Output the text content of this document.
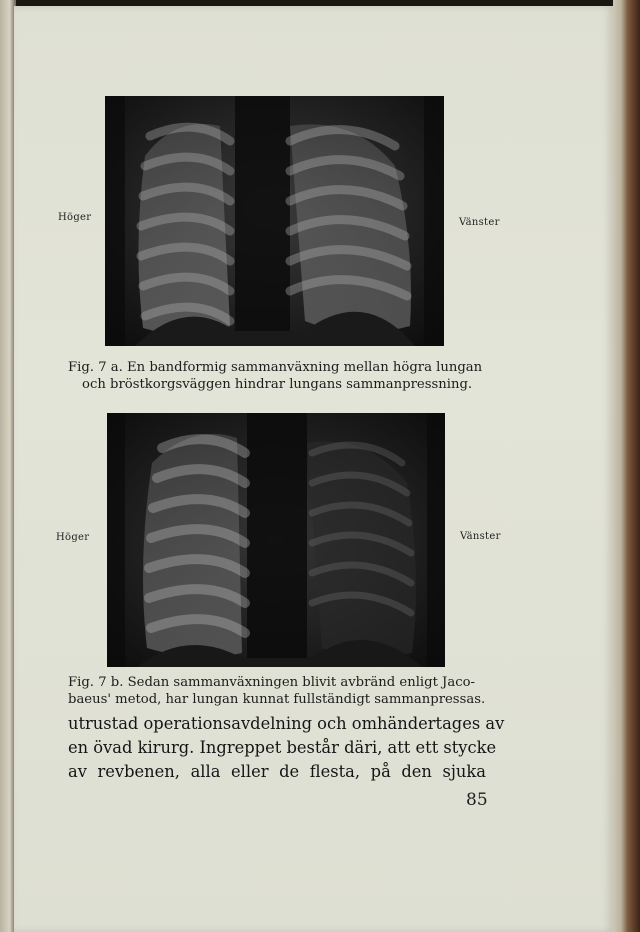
Höger	Vänster
Fig. 7 a. En bandformig sammanväxning mellan högra lungan
och bröstkorgsväggen hindrar lungans sammanpressning.
Höger	Vänster
Fig. 7 b. Sedan sammanväxningen blivit avbränd enligt Jaco-
baeus' metod, har lungan kunnat fullständigt sammanpressas.
utrustad operationsavdelning och omhändertages av
en övad kirurg. Ingreppet består däri, att ett stycke
av revbenen, alla eller de flesta, på den sjuka
85
